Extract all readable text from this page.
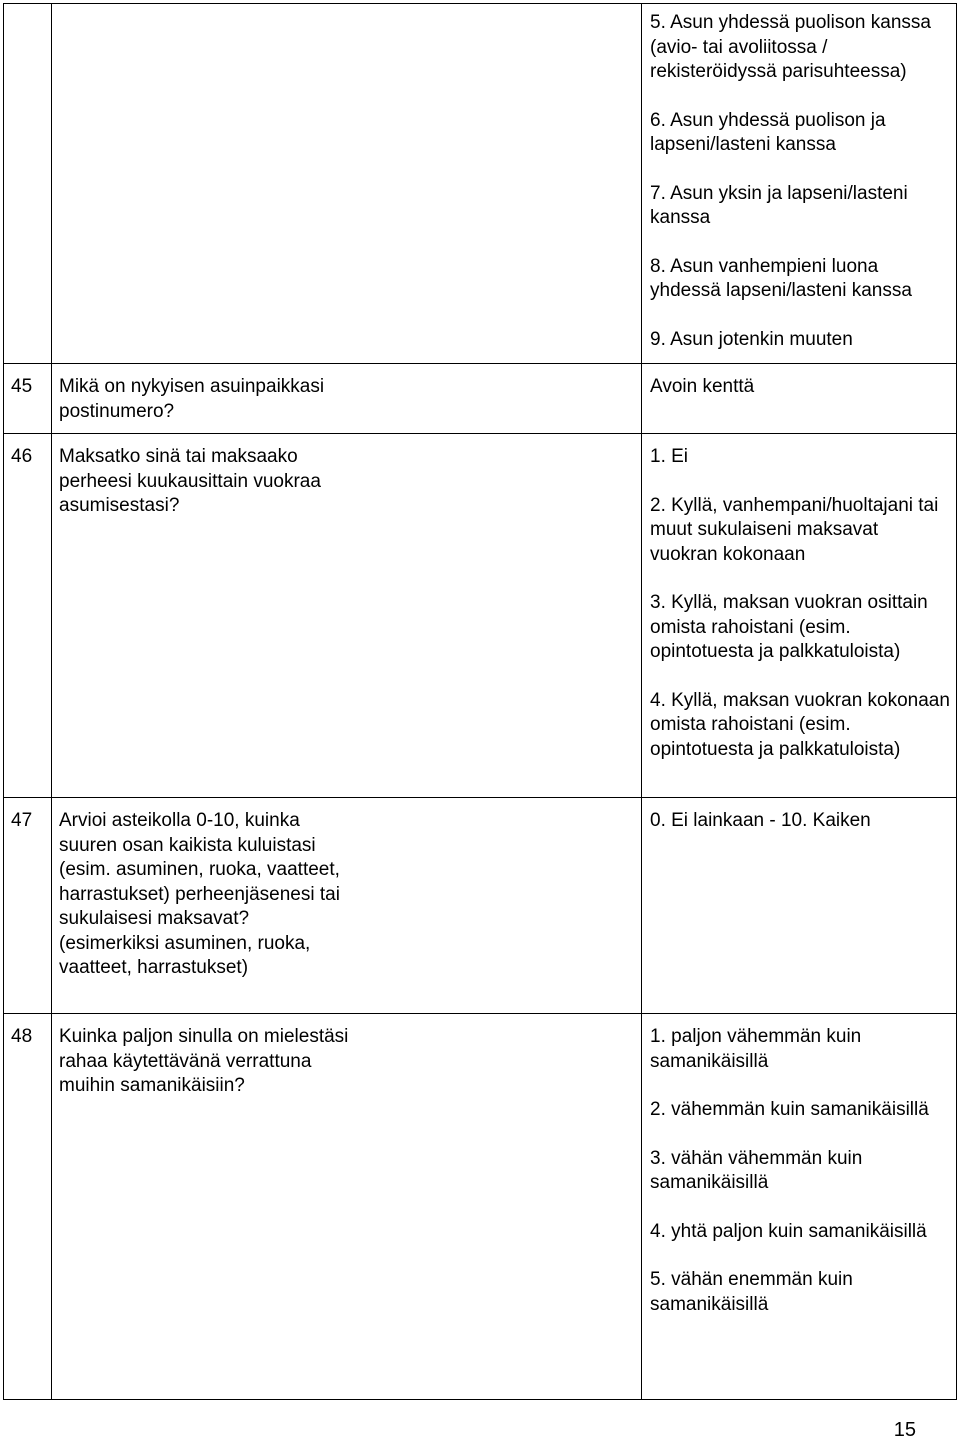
5. Asun yhdessä puolison kanssa (avio- tai avoliitossa / rekisteröidyssä parisuhteessa)
6. Asun yhdessä puolison ja lapseni/lasteni kanssa
7. Asun yksin ja lapseni/lasteni kanssa
8. Asun vanhempieni luona yhdessä lapseni/lasteni kanssa
9. Asun jotenkin muuten
45 Mikä on nykyisen asuinpaikkasi postinumero?
Avoin kenttä
46 Maksatko sinä tai maksaako perheesi kuukausittain vuokraa asumisestasi?
1. Ei
2. Kyllä, vanhempani/huoltajani tai muut sukulaiseni maksavat vuokran kokonaan
3. Kyllä, maksan vuokran osittain omista rahoistani (esim. opintotuesta ja palkkatuloista)
4. Kyllä, maksan vuokran kokonaan omista rahoistani (esim. opintotuesta ja palkkatuloista)
47 Arvioi asteikolla 0-10, kuinka suuren osan kaikista kuluistasi (esim. asuminen, ruoka, vaatteet, harrastukset) perheenjäsenesi tai sukulaisesi maksavat? (esimerkiksi asuminen, ruoka, vaatteet, harrastukset)
0. Ei lainkaan - 10. Kaiken
48 Kuinka paljon sinulla on mielestäsi rahaa käytettävänä verrattuna muihin samanikäisiin?
1. paljon vähemmän kuin samanikäisillä
2. vähemmän kuin samanikäisillä
3. vähän vähemmän kuin samanikäisillä
4. yhtä paljon kuin samanikäisillä
5. vähän enemmän kuin samanikäisillä
15
